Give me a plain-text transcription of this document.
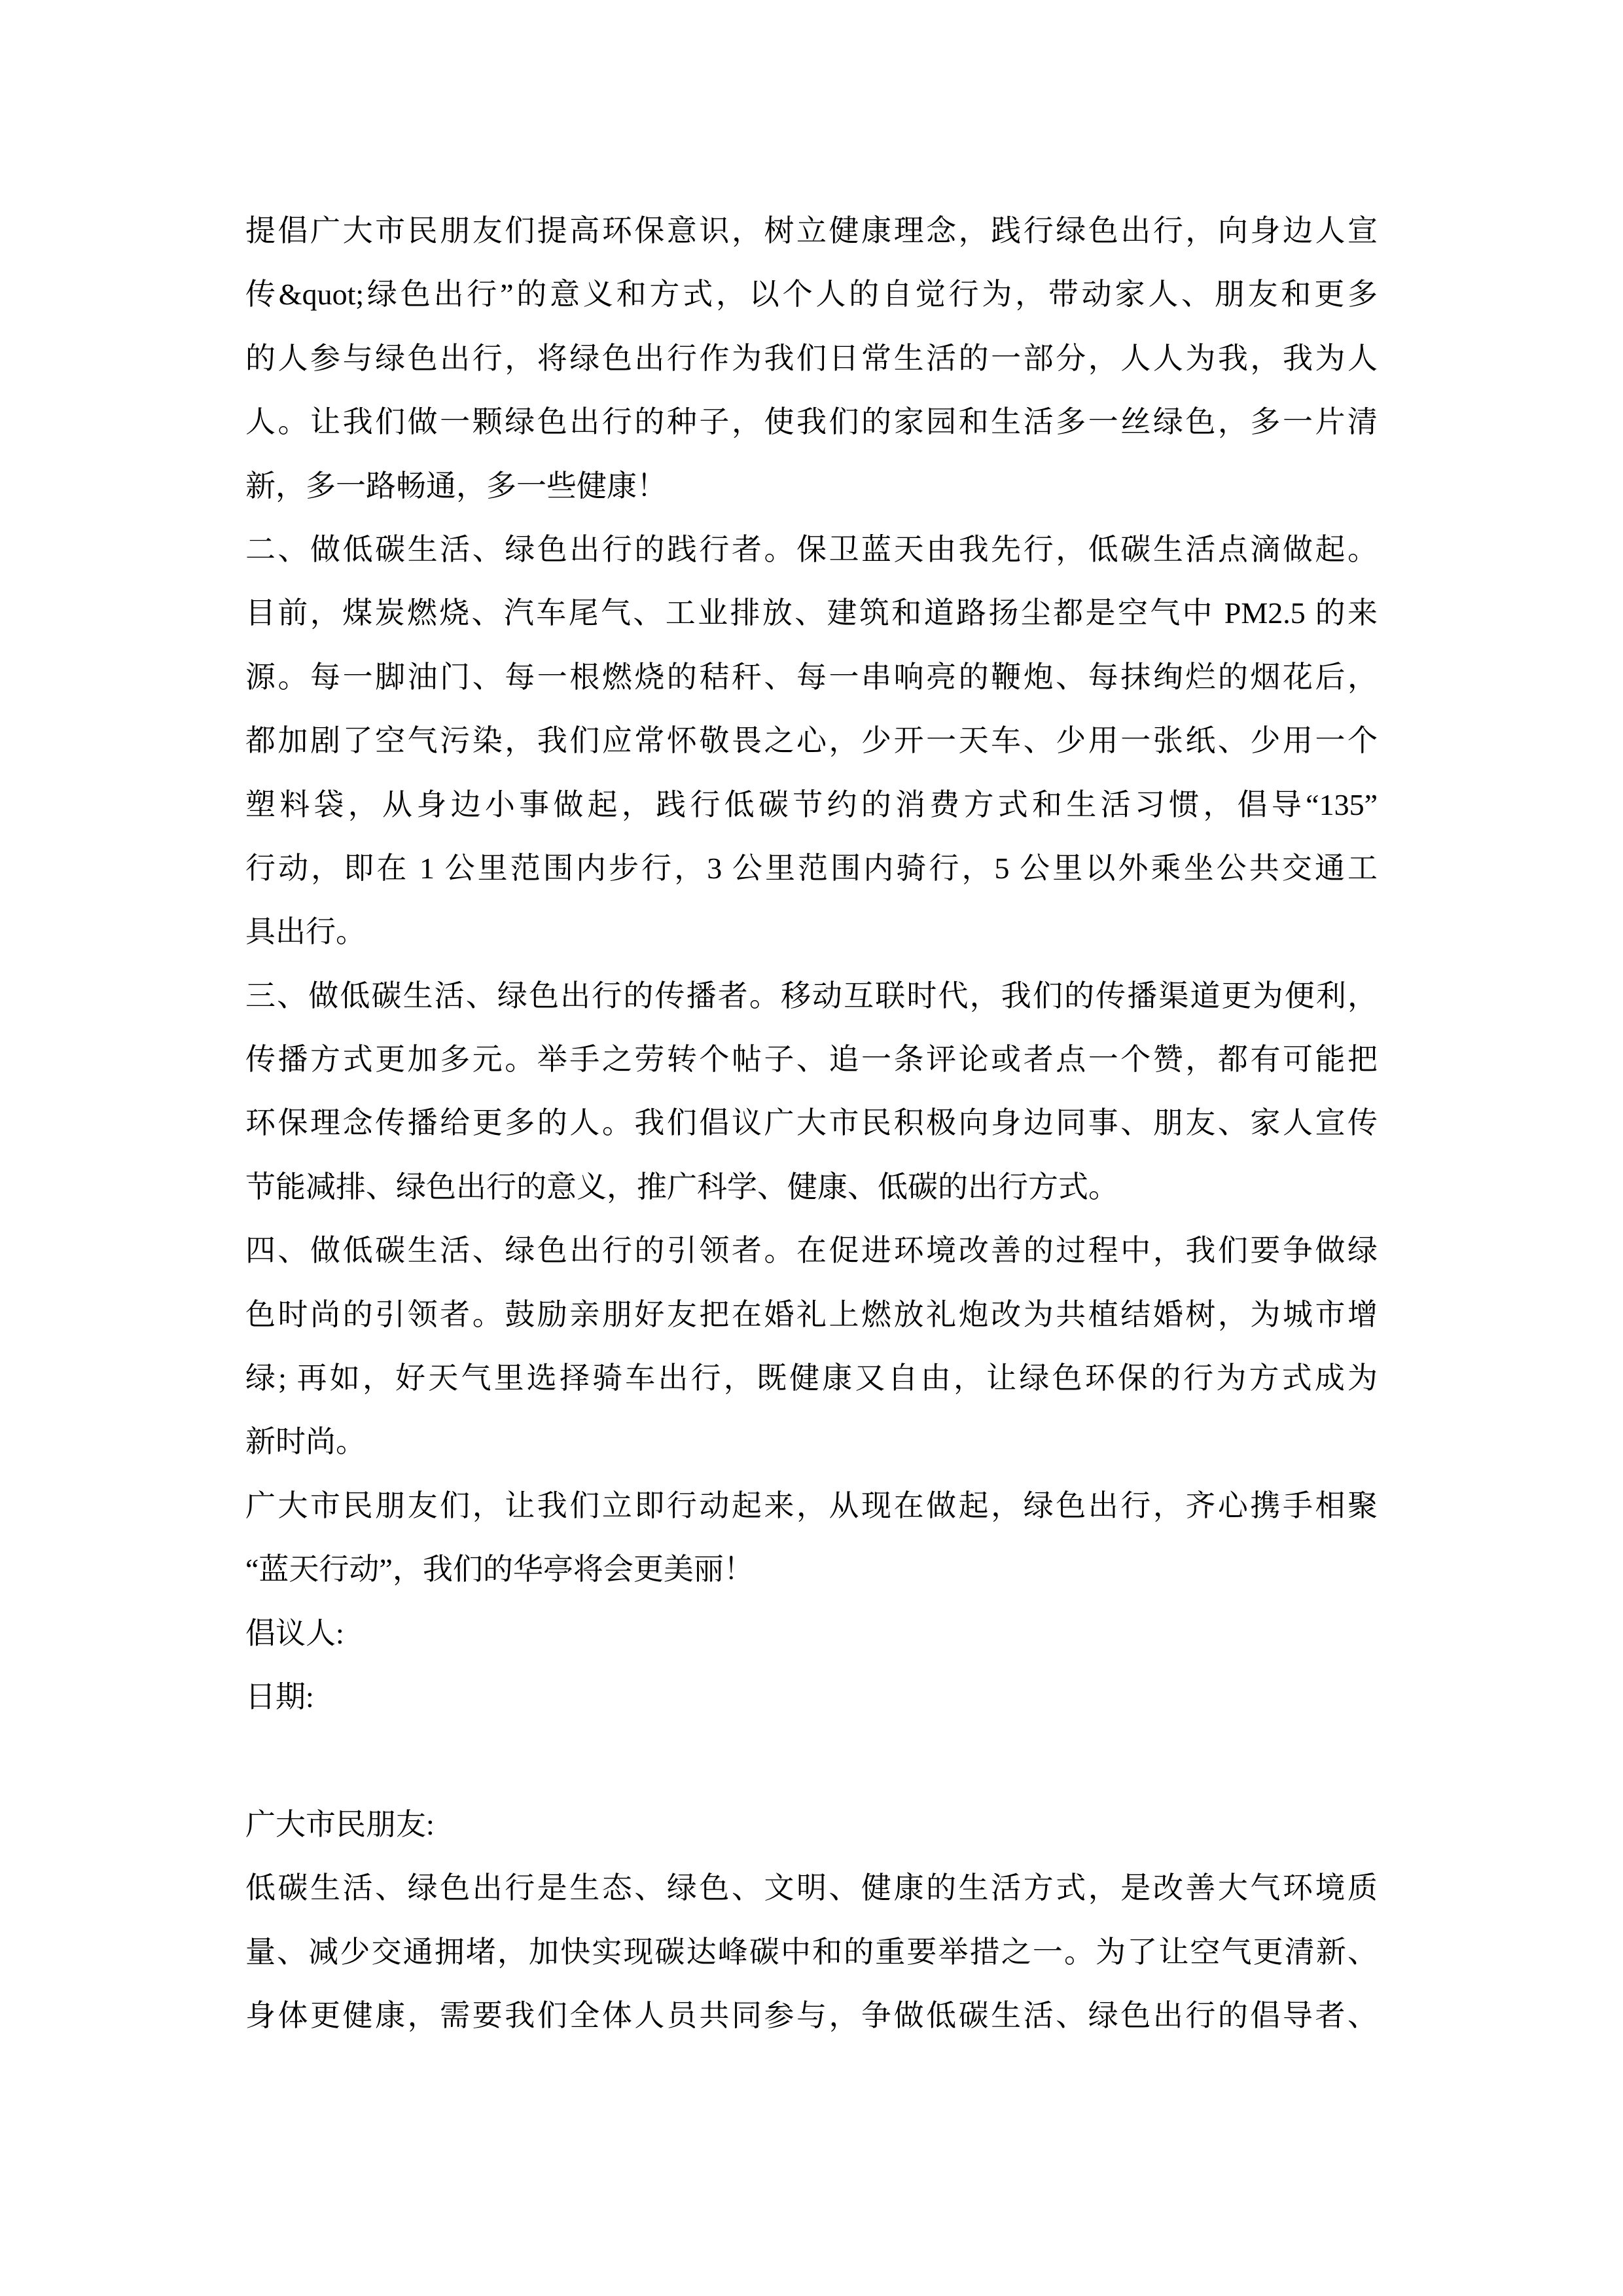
提倡广大市民朋友们提高环保意识，树立健康理念，践行绿色出行，向身边人宣
传&quot;绿色出行”的意义和方式，以个人的自觉行为，带动家人、朋友和更多
的人参与绿色出行，将绿色出行作为我们日常生活的一部分，人人为我，我为人
人。让我们做一颗绿色出行的种子，使我们的家园和生活多一丝绿色，多一片清
新，多一路畅通，多一些健康！
二、做低碳生活、绿色出行的践行者。保卫蓝天由我先行，低碳生活点滴做起。
目前，煤炭燃烧、汽车尾气、工业排放、建筑和道路扬尘都是空气中 PM2.5 的来
源。每一脚油门、每一根燃烧的秸秆、每一串响亮的鞭炮、每抹绚烂的烟花后，
都加剧了空气污染，我们应常怀敬畏之心，少开一天车、少用一张纸、少用一个
塑料袋，从身边小事做起，践行低碳节约的消费方式和生活习惯，倡导“135”
行动，即在 1 公里范围内步行，3 公里范围内骑行，5 公里以外乘坐公共交通工
具出行。
三、做低碳生活、绿色出行的传播者。移动互联时代，我们的传播渠道更为便利，
传播方式更加多元。举手之劳转个帖子、追一条评论或者点一个赞，都有可能把
环保理念传播给更多的人。我们倡议广大市民积极向身边同事、朋友、家人宣传
节能减排、绿色出行的意义，推广科学、健康、低碳的出行方式。
四、做低碳生活、绿色出行的引领者。在促进环境改善的过程中，我们要争做绿
色时尚的引领者。鼓励亲朋好友把在婚礼上燃放礼炮改为共植结婚树，为城市增
绿; 再如，好天气里选择骑车出行，既健康又自由，让绿色环保的行为方式成为
新时尚。
广大市民朋友们，让我们立即行动起来，从现在做起，绿色出行，齐心携手相聚
“蓝天行动”，我们的华亭将会更美丽！
倡议人:
日期:
广大市民朋友:
低碳生活、绿色出行是生态、绿色、文明、健康的生活方式，是改善大气环境质
量、减少交通拥堵，加快实现碳达峰碳中和的重要举措之一。为了让空气更清新、
身体更健康，需要我们全体人员共同参与，争做低碳生活、绿色出行的倡导者、
